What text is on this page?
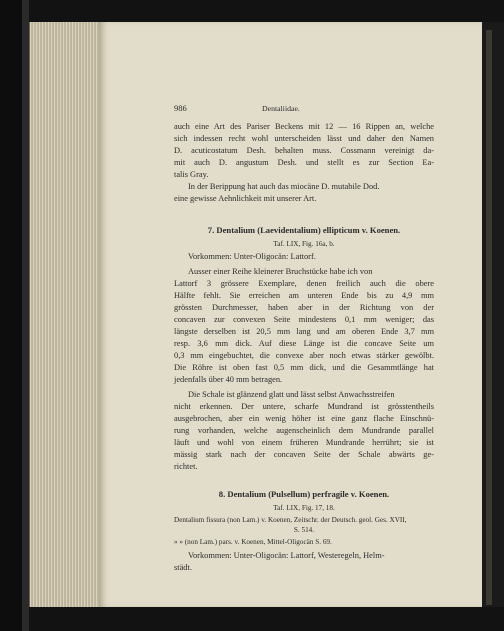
986	Dentaliidae.
auch eine Art des Pariser Beckens mit 12 — 16 Rippen an, welche
sich indessen recht wohl unterscheiden lässt und daher den Namen
D. acuticostatum Desh. behalten muss. Cossmann vereinigt da-
mit auch D. angustum Desh. und stellt es zur Section Ea-
talis Gray.
In der Berippung hat auch das miocäne D. mutabile Dod.
eine gewisse Aehnlichkeit mit unserer Art.
7. Dentalium (Laevidentalium) ellipticum v. Koenen.
Taf. LIX, Fig. 16a, b.
Vorkommen: Unter-Oligocän: Lattorf.
Ausser einer Reihe kleinerer Bruchstücke habe ich von
Lattorf 3 grössere Exemplare, denen freilich auch die obere
Hälfte fehlt. Sie erreichen am unteren Ende bis zu 4,9 mm
grössten Durchmesser, haben aber in der Richtung von der
concaven zur convexen Seite mindestens 0,1 mm weniger; das
längste derselben ist 20,5 mm lang und am oberen Ende 3,7 mm
resp. 3,6 mm dick. Auf diese Länge ist die concave Seite um
0,3 mm eingebuchtet, die convexe aber noch etwas stärker gewölbt.
Die Röhre ist oben fast 0,5 mm dick, und die Gesammtlänge hat
jedenfalls über 40 mm betragen.
Die Schale ist glänzend glatt und lässt selbst Anwachsstreifen
nicht erkennen. Der untere, scharfe Mundrand ist grösstentheils
ausgebrochen, aber ein wenig höher ist eine ganz flache Einschnü-
rung vorhanden, welche augenscheinlich dem Mundrande parallel
läuft und wohl von einem früheren Mundrande herrührt; sie ist
mässig stark nach der concaven Seite der Schale abwärts ge-
richtet.
8. Dentalium (Pulsellum) perfragile v. Koenen.
Taf. LIX, Fig. 17, 18.
Dentalium fissura (non Lam.) v. Koenen, Zeitschr. der Deutsch. geol. Ges. XVII,
S. 514.
» » (non Lam.) pars. v. Koenen, Mittel-Oligocän S. 69.
Vorkommen: Unter-Oligocän: Lattorf, Westeregeln, Helm-
städt.
